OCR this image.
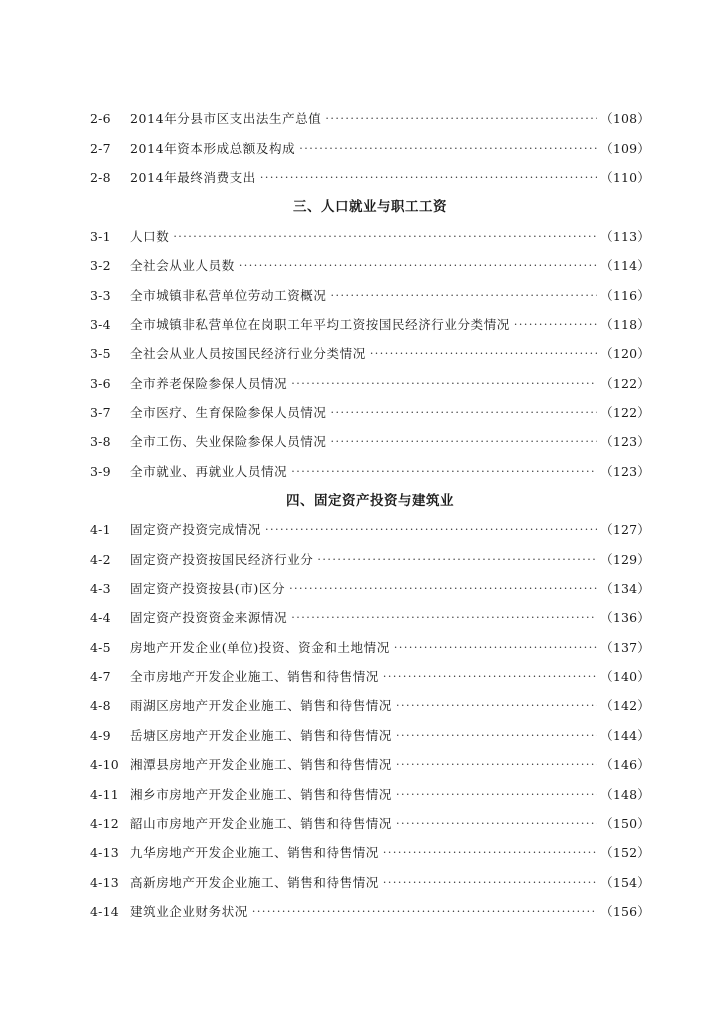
2-6	2014年分县市区支出法生产总值 ·····	（108）
2-7	2014年资本形成总额及构成 ·····	（109）
2-8	2014年最终消费支出 ·····	（110）
三、人口就业与职工工资
3-1	人口数 ·····	（113）
3-2	全社会从业人员数 ·····	（114）
3-3	全市城镇非私营单位劳动工资概况 ·····	（116）
3-4	全市城镇非私营单位在岗职工年平均工资按国民经济行业分类情况 ·····	（118）
3-5	全社会从业人员按国民经济行业分类情况 ·····	（120）
3-6	全市养老保险参保人员情况 ·····	（122）
3-7	全市医疗、生育保险参保人员情况 ·····	（122）
3-8	全市工伤、失业保险参保人员情况 ·····	（123）
3-9	全市就业、再就业人员情况 ·····	（123）
四、固定资产投资与建筑业
4-1	固定资产投资完成情况 ·····	（127）
4-2	固定资产投资按国民经济行业分 ·····	（129）
4-3	固定资产投资按县(市)区分 ·····	（134）
4-4	固定资产投资资金来源情况 ·····	（136）
4-5	房地产开发企业(单位)投资、资金和土地情况 ·····	（137）
4-7	全市房地产开发企业施工、销售和待售情况 ·····	（140）
4-8	雨湖区房地产开发企业施工、销售和待售情况 ·····	（142）
4-9	岳塘区房地产开发企业施工、销售和待售情况 ·····	（144）
4-10 湘潭县房地产开发企业施工、销售和待售情况 ·····	（146）
4-11 湘乡市房地产开发企业施工、销售和待售情况 ·····	（148）
4-12 韶山市房地产开发企业施工、销售和待售情况 ·····	（150）
4-13 九华房地产开发企业施工、销售和待售情况 ·····	（152）
4-13 高新房地产开发企业施工、销售和待售情况 ·····	（154）
4-14 建筑业企业财务状况 ·····	（156）
